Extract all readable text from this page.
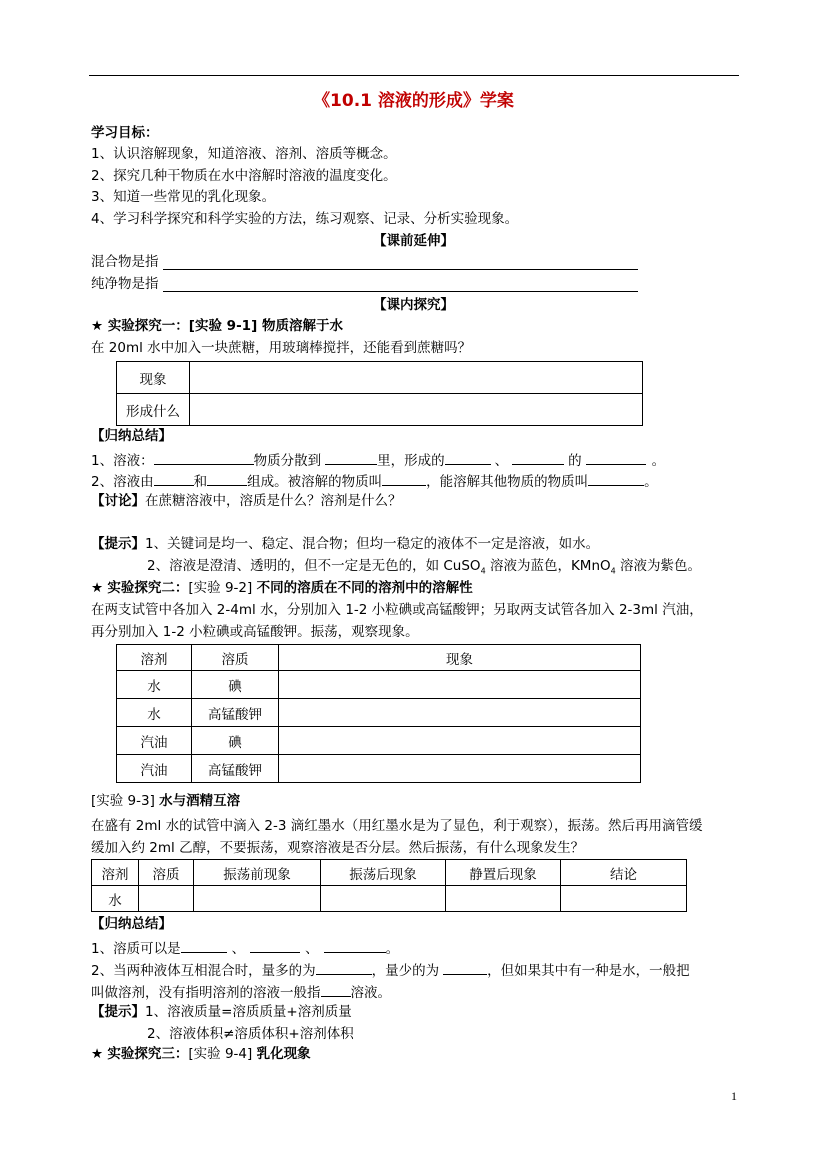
《10.1 溶液的形成》学案
学习目标：
1、认识溶解现象，知道溶液、溶剂、溶质等概念。
2、探究几种干物质在水中溶解时溶液的温度变化。
3、知道一些常见的乳化现象。
4、学习科学探究和科学实验的方法，练习观察、记录、分析实验现象。
【课前延伸】
混合物是指
纯净物是指
【课内探究】
★ 实验探究一：[实验 9-1] 物质溶解于水
在 20ml 水中加入一块蔗糖，用玻璃棒搅拌，还能看到蔗糖吗？
现象	
形成什么	
【归纳总结】
1、溶液：	物质分散到	里，形成的	、	的	。
2、溶液由	和	组成。被溶解的物质叫	，能溶解其他物质的物质叫	。
【讨论】在蔗糖溶液中，溶质是什么？溶剂是什么？
【提示】1、关键词是均一、稳定、混合物；但均一稳定的液体不一定是溶液，如水。
2、溶液是澄清、透明的，但不一定是无色的，如 CuSO$_4$ 溶液为蓝色，KMnO$_4$ 溶液为紫色。
★ 实验探究二：[实验 9-2] 不同的溶质在不同的溶剂中的溶解性
在两支试管中各加入 2-4ml 水，分别加入 1-2 小粒碘或高锰酸钾；另取两支试管各加入 2-3ml 汽油，
再分别加入 1-2 小粒碘或高锰酸钾。振荡，观察现象。
溶剂	溶质	现象
水	碘	
水	高锰酸钾	
汽油	碘	
汽油	高锰酸钾	
[实验 9-3] 水与酒精互溶
在盛有 2ml 水的试管中滴入 2-3 滴红墨水（用红墨水是为了显色，利于观察），振荡。然后再用滴管缓
缓加入约 2ml 乙醇，不要振荡，观察溶液是否分层。然后振荡，有什么现象发生？
溶剂	溶质	振荡前现象	振荡后现象	静置后现象	结论
水					
【归纳总结】
1、溶质可以是	、	、	。
2、当两种液体互相混合时，量多的为	，量少的为	，但如果其中有一种是水，一般把
叫做溶剂，没有指明溶剂的溶液一般指 溶液。
【提示】1、溶液质量=溶质质量+溶剂质量
2、溶液体积≠溶质体积+溶剂体积
★ 实验探究三：[实验 9-4] 乳化现象
1
